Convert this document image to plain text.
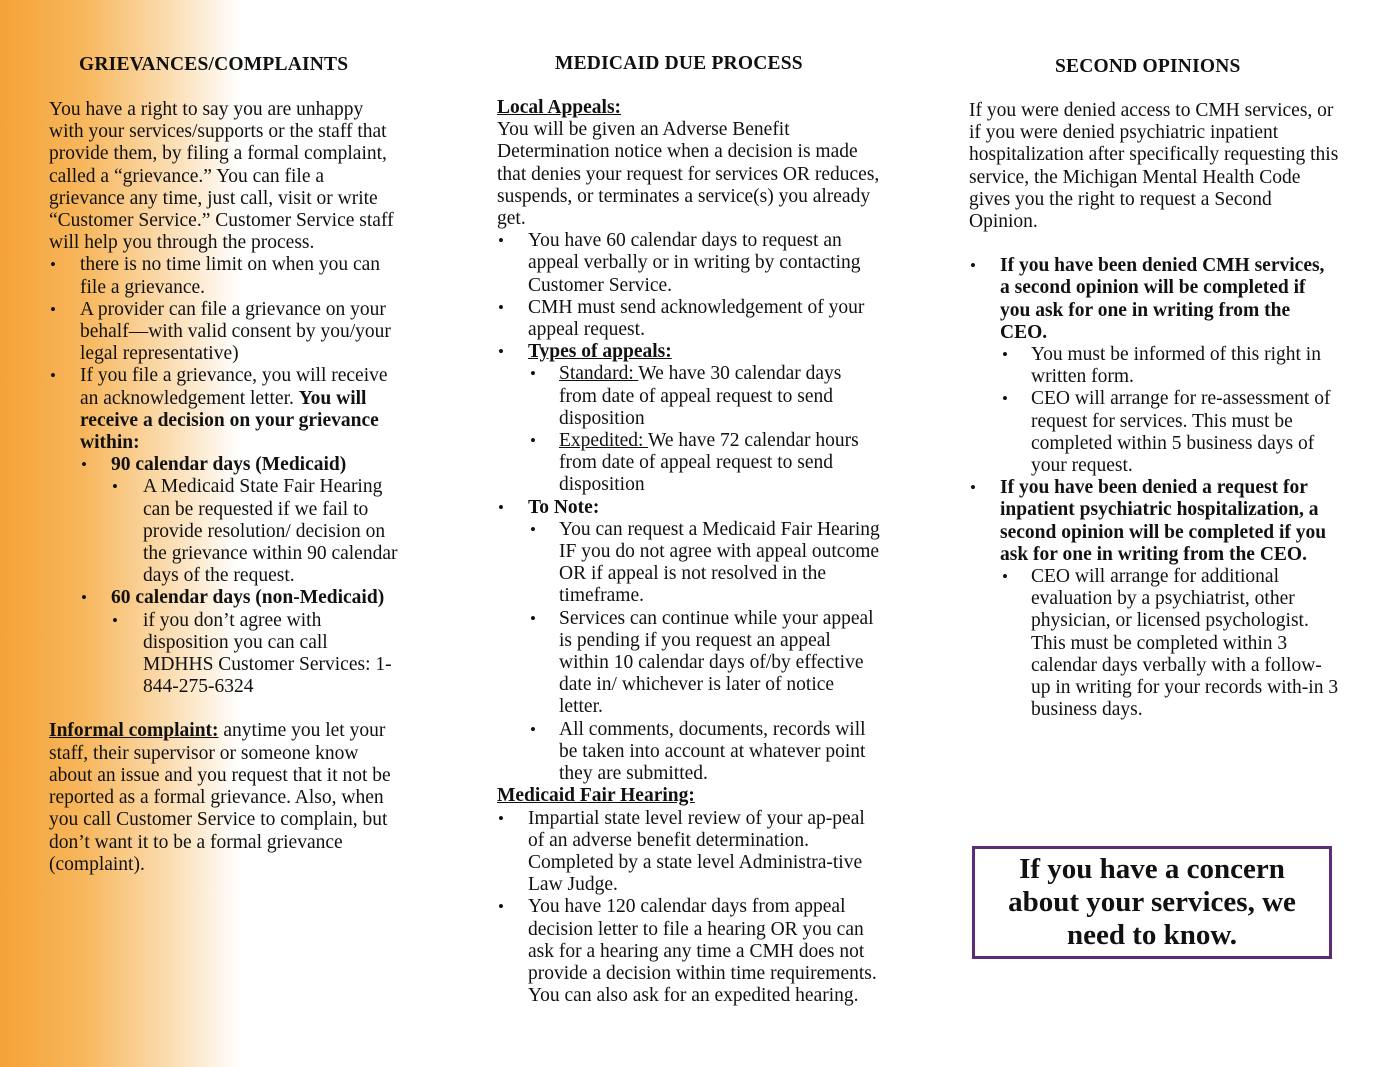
GRIEVANCES/COMPLAINTS

You have a right to say you are unhappy with your services/supports or the staff that provide them, by filing a formal complaint, called a “grievance.” You can file a grievance any time, just call, visit or write “Customer Service.” Customer Service staff will help you through the process.

• there is no time limit on when you can file a grievance.
• A provider can file a grievance on your behalf—with valid consent by you/your legal representative)
• If you file a grievance, you will receive an acknowledgement letter. You will receive a decision on your grievance within:
• 90 calendar days (Medicaid)
• A Medicaid State Fair Hearing can be requested if we fail to provide resolution/ decision on the grievance within 90 calendar days of the request.
• 60 calendar days (non-Medicaid)
• if you don’t agree with disposition you can call MDHHS Customer Services: 1-844-275-6324

Informal complaint: anytime you let your staff, their supervisor or someone know about an issue and you request that it not be reported as a formal grievance. Also, when you call Customer Service to complain, but don’t want it to be a formal grievance (complaint).

MEDICAID DUE PROCESS

Local Appeals:
You will be given an Adverse Benefit Determination notice when a decision is made that denies your request for services OR reduces, suspends, or terminates a service(s) you already get.

• You have 60 calendar days to request an appeal verbally or in writing by contacting Customer Service.
• CMH must send acknowledgement of your appeal request.
• Types of appeals:
• Standard: We have 30 calendar days from date of appeal request to send disposition
• Expedited: We have 72 calendar hours from date of appeal request to send disposition
• To Note:
• You can request a Medicaid Fair Hearing IF you do not agree with appeal outcome OR if appeal is not resolved in the timeframe.
• Services can continue while your appeal is pending if you request an appeal within 10 calendar days of/by effective date in/ whichever is later of notice letter.
• All comments, documents, records will be taken into account at whatever point they are submitted.

Medicaid Fair Hearing:

• Impartial state level review of your ap-peal of an adverse benefit determination. Completed by a state level Administra-tive Law Judge.
• You have 120 calendar days from appeal decision letter to file a hearing OR you can ask for a hearing any time a CMH does not provide a decision within time requirements. You can also ask for an expedited hearing.
SECOND OPINIONS

If you were denied access to CMH services, or if you were denied psychiatric inpatient hospitalization after specifically requesting this service, the Michigan Mental Health Code gives you the right to request a Second Opinion.

• If you have been denied CMH services, a second opinion will be completed if you ask for one in writing from the CEO.
• You must be informed of this right in written form.
• CEO will arrange for re-assessment of request for services. This must be completed within 5 business days of your request.
• If you have been denied a request for inpatient psychiatric hospitalization, a second opinion will be completed if you ask for one in writing from the CEO.
• CEO will arrange for additional evaluation by a psychiatrist, other physician, or licensed psychologist. This must be completed within 3 calendar days verbally with a follow-up in writing for your records with-in 3 business days.
If you have a concern about your services, we need to know.
